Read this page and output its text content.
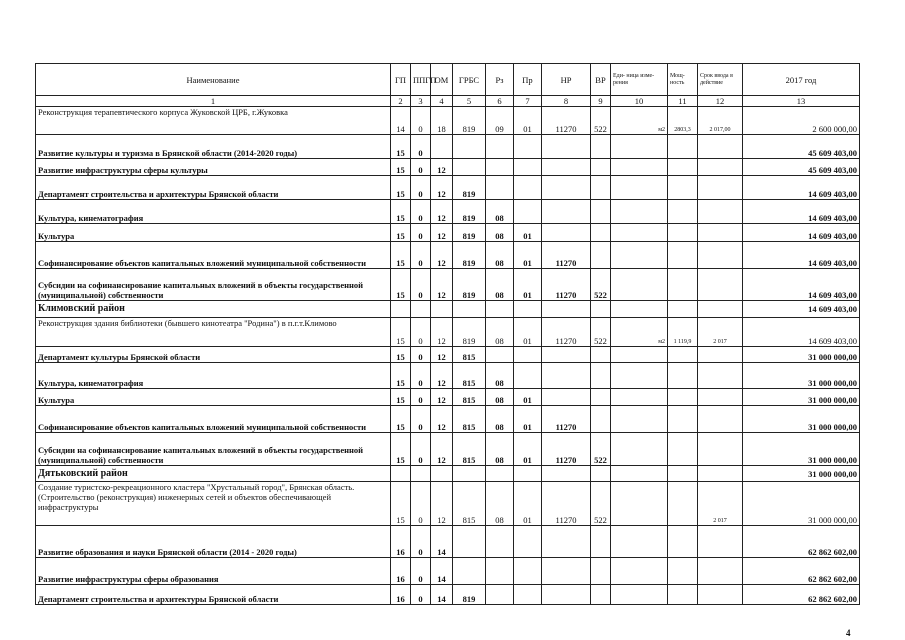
Наименование	ГП	ППГП	ОМ	ГРБС	Рз	Пр	НР	ВР	Еди- ница изме- рения	Мощ- ность	Срок ввода в действие	2017 год
1	2	3	4	5	6	7	8	9	10	11	12	13
Реконструкция терапевтического корпуса Жуковской ЦРБ, г.Жуковка	14	0	18	819	09	01	11270	522	м2	2803,3	2 017,00	2 600 000,00
Развитие культуры и туризма в Брянской области (2014-2020 годы)	15	0										45 609 403,00
Развитие инфраструктуры сферы культуры	15	0	12									45 609 403,00
Департамент строительства и архитектуры Брянской области	15	0	12	819								14 609 403,00
Культура, кинематография	15	0	12	819	08							14 609 403,00
Культура	15	0	12	819	08	01						14 609 403,00
Софинансирование объектов капитальных вложений муниципальной собственности	15	0	12	819	08	01	11270					14 609 403,00
Субсидии на софинансирование капитальных вложений в объекты государственной (муниципальной) собственности	15	0	12	819	08	01	11270	522				14 609 403,00
Климовский район												14 609 403,00
Реконструкция здания библиотеки (бывшего кинотеатра "Родина") в п.г.т.Климово	15	0	12	819	08	01	11270	522	м2	1 119,9	2 017	14 609 403,00
Департамент культуры Брянской области	15	0	12	815								31 000 000,00
Культура, кинематография	15	0	12	815	08							31 000 000,00
Культура	15	0	12	815	08	01						31 000 000,00
Софинансирование объектов капитальных вложений муниципальной собственности	15	0	12	815	08	01	11270					31 000 000,00
Субсидии на софинансирование капитальных вложений в объекты государственной (муниципальной) собственности	15	0	12	815	08	01	11270	522				31 000 000,00
Дятьковский район												31 000 000,00
Создание туристско-рекреационного кластера "Хрустальный город", Брянская область. (Строительство (реконструкция) инженерных сетей и объектов обеспечивающей инфраструктуры	15	0	12	815	08	01	11270	522			2 017	31 000 000,00
Развитие образования и науки Брянской области (2014 - 2020 годы)	16	0	14									62 862 602,00
Развитие инфраструктуры сферы образования	16	0	14									62 862 602,00
Департамент строительства и архитектуры Брянской области	16	0	14	819								62 862 602,00
4
